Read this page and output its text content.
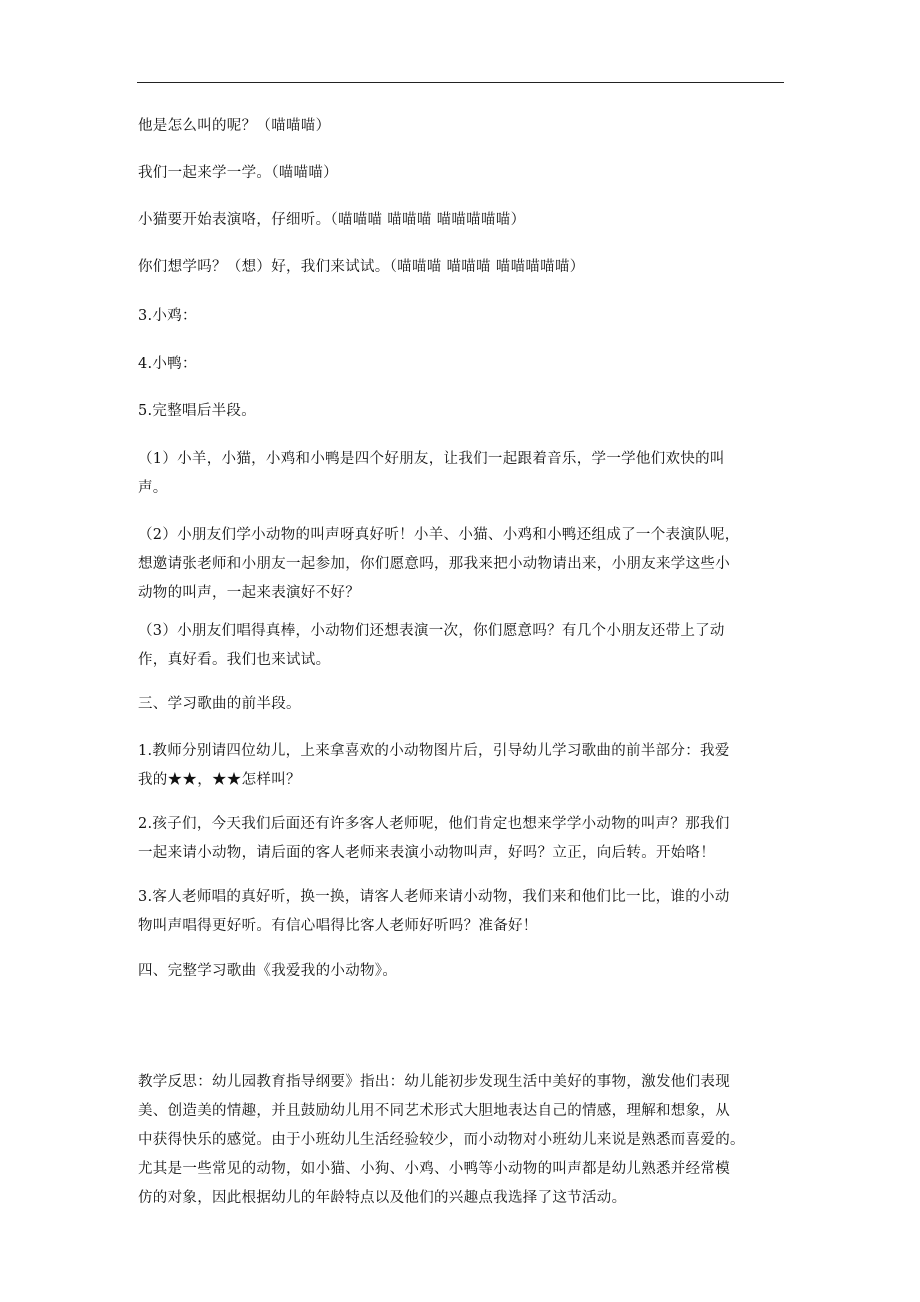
他是怎么叫的呢？（喵喵喵）

我们一起来学一学。（喵喵喵）

小猫要开始表演咯，仔细听。（喵喵喵 喵喵喵 喵喵喵喵喵）

你们想学吗？（想）好，我们来试试。（喵喵喵 喵喵喵 喵喵喵喵喵）

3.小鸡：

4.小鸭：

5.完整唱后半段。

（1）小羊，小猫，小鸡和小鸭是四个好朋友，让我们一起跟着音乐，学一学他们欢快的叫
声。

（2）小朋友们学小动物的叫声呀真好听！小羊、小猫、小鸡和小鸭还组成了一个表演队呢，
想邀请张老师和小朋友一起参加，你们愿意吗，那我来把小动物请出来，小朋友来学这些小
动物的叫声，一起来表演好不好？

（3）小朋友们唱得真棒，小动物们还想表演一次，你们愿意吗？有几个小朋友还带上了动
作，真好看。我们也来试试。

三、学习歌曲的前半段。

1.教师分别请四位幼儿，上来拿喜欢的小动物图片后，引导幼儿学习歌曲的前半部分：我爱
我的★★，★★怎样叫？

2.孩子们，今天我们后面还有许多客人老师呢，他们肯定也想来学学小动物的叫声？那我们
一起来请小动物，请后面的客人老师来表演小动物叫声，好吗？立正，向后转。开始咯！

3.客人老师唱的真好听，换一换，请客人老师来请小动物，我们来和他们比一比，谁的小动
物叫声唱得更好听。有信心唱得比客人老师好听吗？准备好！

四、完整学习歌曲《我爱我的小动物》。

教学反思：幼儿园教育指导纲要》指出：幼儿能初步发现生活中美好的事物，激发他们表现
美、创造美的情趣，并且鼓励幼儿用不同艺术形式大胆地表达自己的情感，理解和想象，从
中获得快乐的感觉。由于小班幼儿生活经验较少，而小动物对小班幼儿来说是熟悉而喜爱的。
尤其是一些常见的动物，如小猫、小狗、小鸡、小鸭等小动物的叫声都是幼儿熟悉并经常模
仿的对象，因此根据幼儿的年龄特点以及他们的兴趣点我选择了这节活动。
